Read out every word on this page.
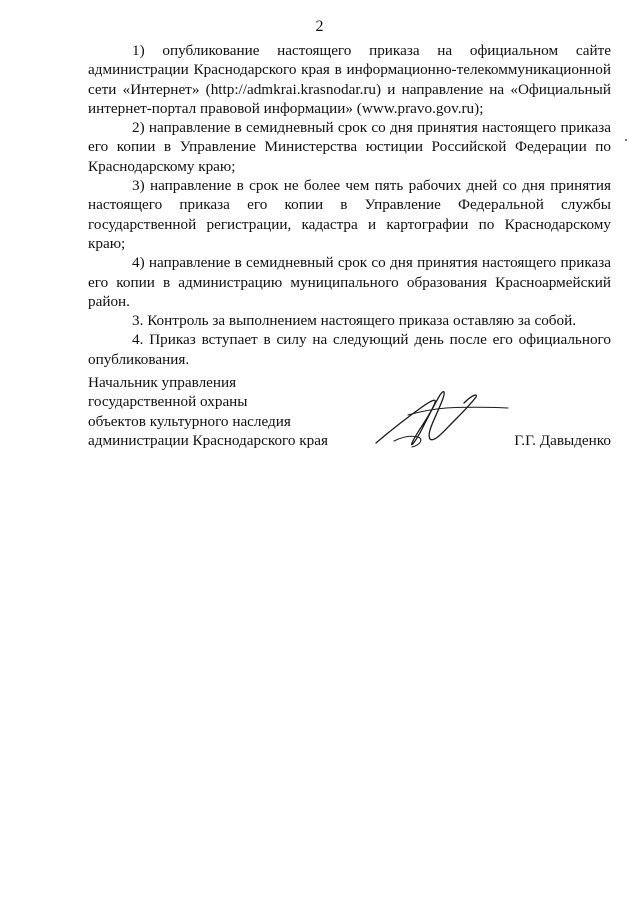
2

1) опубликование настоящего приказа на официальном сайте администрации Краснодарского края в информационно-телекоммуникационной сети «Интернет» (http://admkrai.krasnodar.ru) и направление на «Официальный интернет-портал правовой информации» (www.pravo.gov.ru);

2) направление в семидневный срок со дня принятия настоящего приказа его копии в Управление Министерства юстиции Российской Федерации по Краснодарскому краю;

3) направление в срок не более чем пять рабочих дней со дня принятия настоящего приказа его копии в Управление Федеральной службы государственной регистрации, кадастра и картографии по Краснодарскому краю;

4) направление в семидневный срок со дня принятия настоящего приказа его копии в администрацию муниципального образования Красноармейский район.

3. Контроль за выполнением настоящего приказа оставляю за собой.

4. Приказ вступает в силу на следующий день после его официального опубликования.

Начальник управления
государственной охраны
объектов культурного наследия
администрации Краснодарского края	Г.Г. Давыденко
